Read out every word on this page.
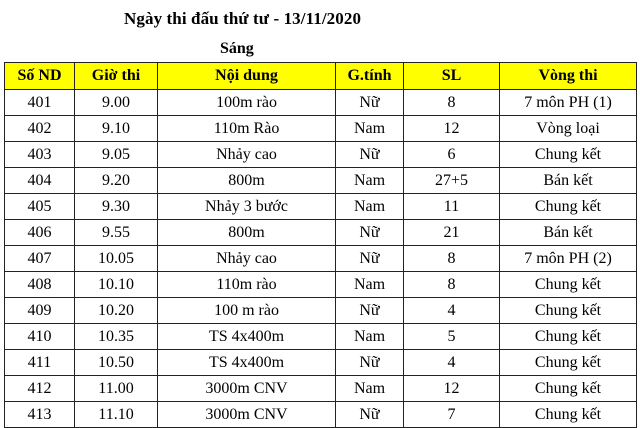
Ngày thi đấu thứ tư - 13/11/2020
Sáng
Số ND	Giờ thi	Nội dung	G.tính	SL	Vòng thi
401	9.00	100m rào	Nữ	8	7 môn PH (1)
402	9.10	110m Rào	Nam	12	Vòng loại
403	9.05	Nhảy cao	Nữ	6	Chung kết
404	9.20	800m	Nam	27+5	Bán kết
405	9.30	Nhảy 3 bước	Nam	11	Chung kết
406	9.55	800m	Nữ	21	Bán kết
407	10.05	Nhảy cao	Nữ	8	7 môn PH (2)
408	10.10	110m rào	Nam	8	Chung kết
409	10.20	100 m rào	Nữ	4	Chung kết
410	10.35	TS 4x400m	Nam	5	Chung kết
411	10.50	TS 4x400m	Nữ	4	Chung kết
412	11.00	3000m CNV	Nam	12	Chung kết
413	11.10	3000m CNV	Nữ	7	Chung kết
